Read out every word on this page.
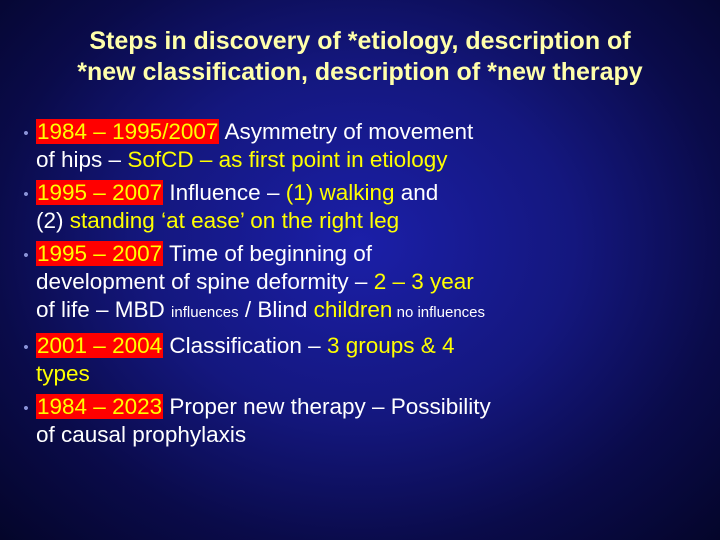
Steps in discovery of *etiology, description of
*new classification, description of *new therapy
• 1984 – 1995/2007 Asymmetry of movement
of hips – SofCD – as first point in etiology
• 1995 – 2007 Influence – (1) walking and
(2) standing ‘at ease’ on the right leg
• 1995 – 2007 Time of beginning of
development of spine deformity – 2 – 3 year
of life – MBD influences / Blind children no influences
• 2001 – 2004 Classification – 3 groups & 4
types
• 1984 – 2023 Proper new therapy – Possibility
of causal prophylaxis
